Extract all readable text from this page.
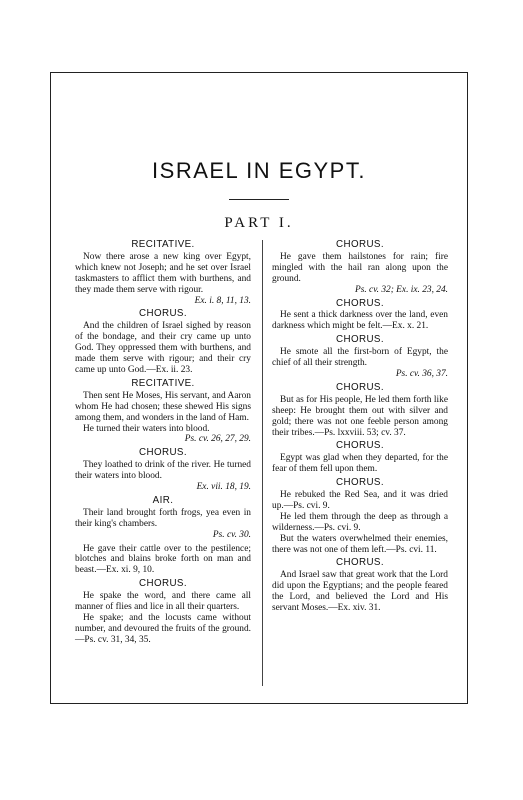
ISRAEL IN EGYPT.
PART I.
RECITATIVE.

Now there arose a new king over Egypt, which knew not Joseph; and he set over Israel taskmasters to afflict them with burthens, and they made them serve with rigour.

Ex. i. 8, 11, 13.

CHORUS.

And the children of Israel sighed by reason of the bondage, and their cry came up unto God. They oppressed them with burthens, and made them serve with rigour; and their cry came up unto God.—Ex. ii. 23.

RECITATIVE.

Then sent He Moses, His servant, and Aaron whom He had chosen; these shewed His signs among them, and wonders in the land of Ham.

He turned their waters into blood.

Ps. cv. 26, 27, 29.

CHORUS.

They loathed to drink of the river. He turned their waters into blood.

Ex. vii. 18, 19.

AIR.

Their land brought forth frogs, yea even in their king's chambers.

Ps. cv. 30.

He gave their cattle over to the pestilence; blotches and blains broke forth on man and beast.—Ex. xi. 9, 10.

CHORUS.

He spake the word, and there came all manner of flies and lice in all their quarters.

He spake; and the locusts came without number, and devoured the fruits of the ground.—Ps. cv. 31, 34, 35.

CHORUS.

He gave them hailstones for rain; fire mingled with the hail ran along upon the ground.

Ps. cv. 32; Ex. ix. 23, 24.

CHORUS.

He sent a thick darkness over the land, even darkness which might be felt.—Ex. x. 21.

CHORUS.

He smote all the first-born of Egypt, the chief of all their strength.

Ps. cv. 36, 37.

CHORUS.

But as for His people, He led them forth like sheep: He brought them out with silver and gold; there was not one feeble person among their tribes.—Ps. lxxviii. 53; cv. 37.

CHORUS.

Egypt was glad when they departed, for the fear of them fell upon them.

CHORUS.

He rebuked the Red Sea, and it was dried up.—Ps. cvi. 9.

He led them through the deep as through a wilderness.—Ps. cvi. 9.

But the waters overwhelmed their enemies, there was not one of them left.—Ps. cvi. 11.

CHORUS.

And Israel saw that great work that the Lord did upon the Egyptians; and the people feared the Lord, and believed the Lord and His servant Moses.—Ex. xiv. 31.
